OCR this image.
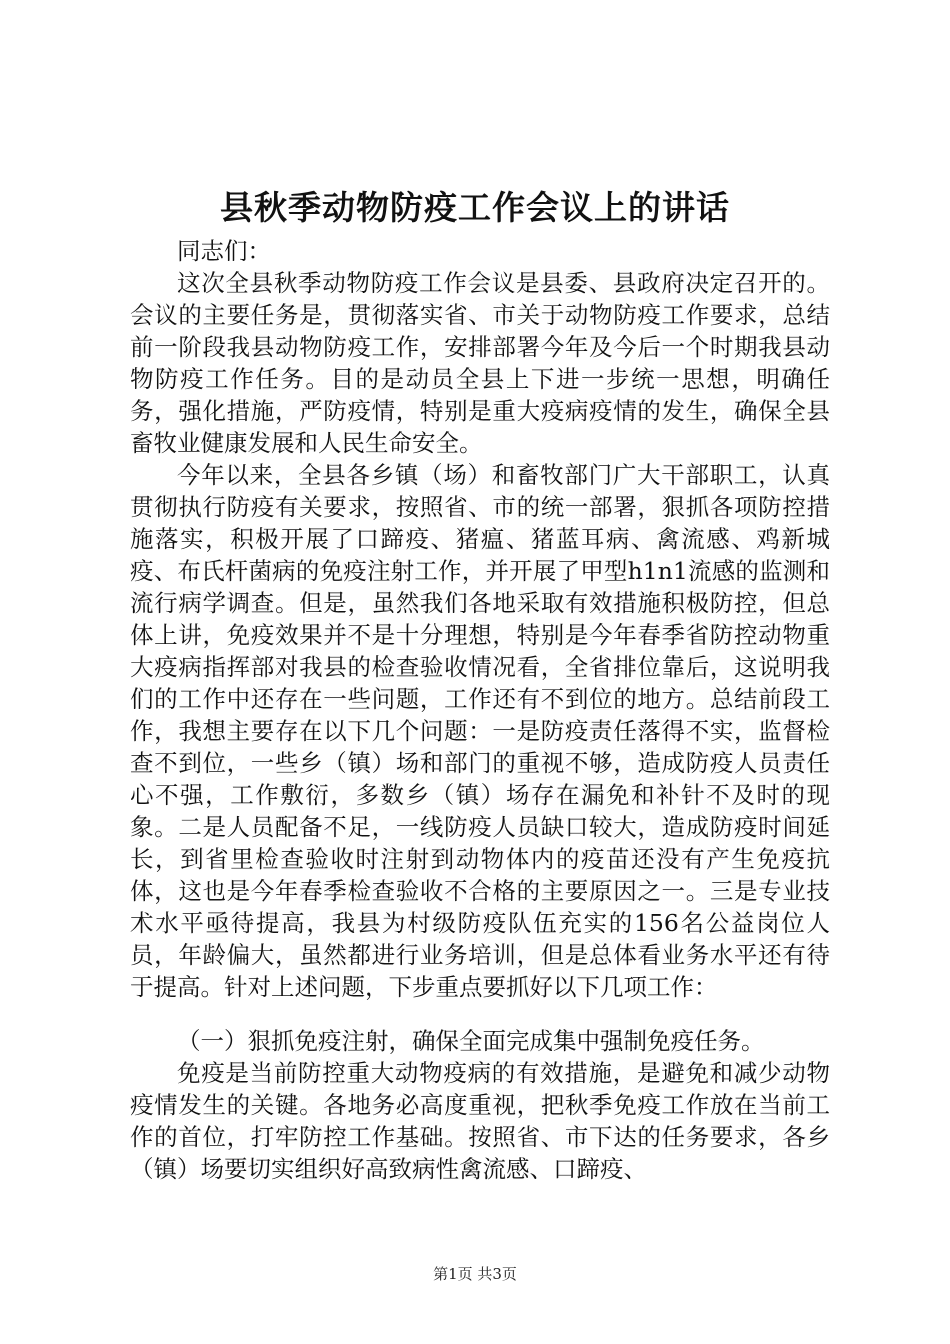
县秋季动物防疫工作会议上的讲话

同志们：

这次全县秋季动物防疫工作会议是县委、县政府决定召开的。会议的主要任务是，贯彻落实省、市关于动物防疫工作要求，总结前一阶段我县动物防疫工作，安排部署今年及今后一个时期我县动物防疫工作任务。目的是动员全县上下进一步统一思想，明确任务，强化措施，严防疫情，特别是重大疫病疫情的发生，确保全县畜牧业健康发展和人民生命安全。

今年以来，全县各乡镇（场）和畜牧部门广大干部职工，认真贯彻执行防疫有关要求，按照省、市的统一部署，狠抓各项防控措施落实，积极开展了口蹄疫、猪瘟、猪蓝耳病、禽流感、鸡新城疫、布氏杆菌病的免疫注射工作，并开展了甲型h1n1流感的监测和流行病学调查。但是，虽然我们各地采取有效措施积极防控，但总体上讲，免疫效果并不是十分理想，特别是今年春季省防控动物重大疫病指挥部对我县的检查验收情况看，全省排位靠后，这说明我们的工作中还存在一些问题，工作还有不到位的地方。总结前段工作，我想主要存在以下几个问题：一是防疫责任落得不实，监督检查不到位，一些乡（镇）场和部门的重视不够，造成防疫人员责任心不强，工作敷衍，多数乡（镇）场存在漏免和补针不及时的现象。二是人员配备不足，一线防疫人员缺口较大，造成防疫时间延长，到省里检查验收时注射到动物体内的疫苗还没有产生免疫抗体，这也是今年春季检查验收不合格的主要原因之一。三是专业技术水平亟待提高，我县为村级防疫队伍充实的156名公益岗位人员，年龄偏大，虽然都进行业务培训，但是总体看业务水平还有待于提高。针对上述问题，下步重点要抓好以下几项工作：

（一）狠抓免疫注射，确保全面完成集中强制免疫任务。

免疫是当前防控重大动物疫病的有效措施，是避免和减少动物疫情发生的关键。各地务必高度重视，把秋季免疫工作放在当前工作的首位，打牢防控工作基础。按照省、市下达的任务要求，各乡（镇）场要切实组织好高致病性禽流感、口蹄疫、

第1页 共3页
